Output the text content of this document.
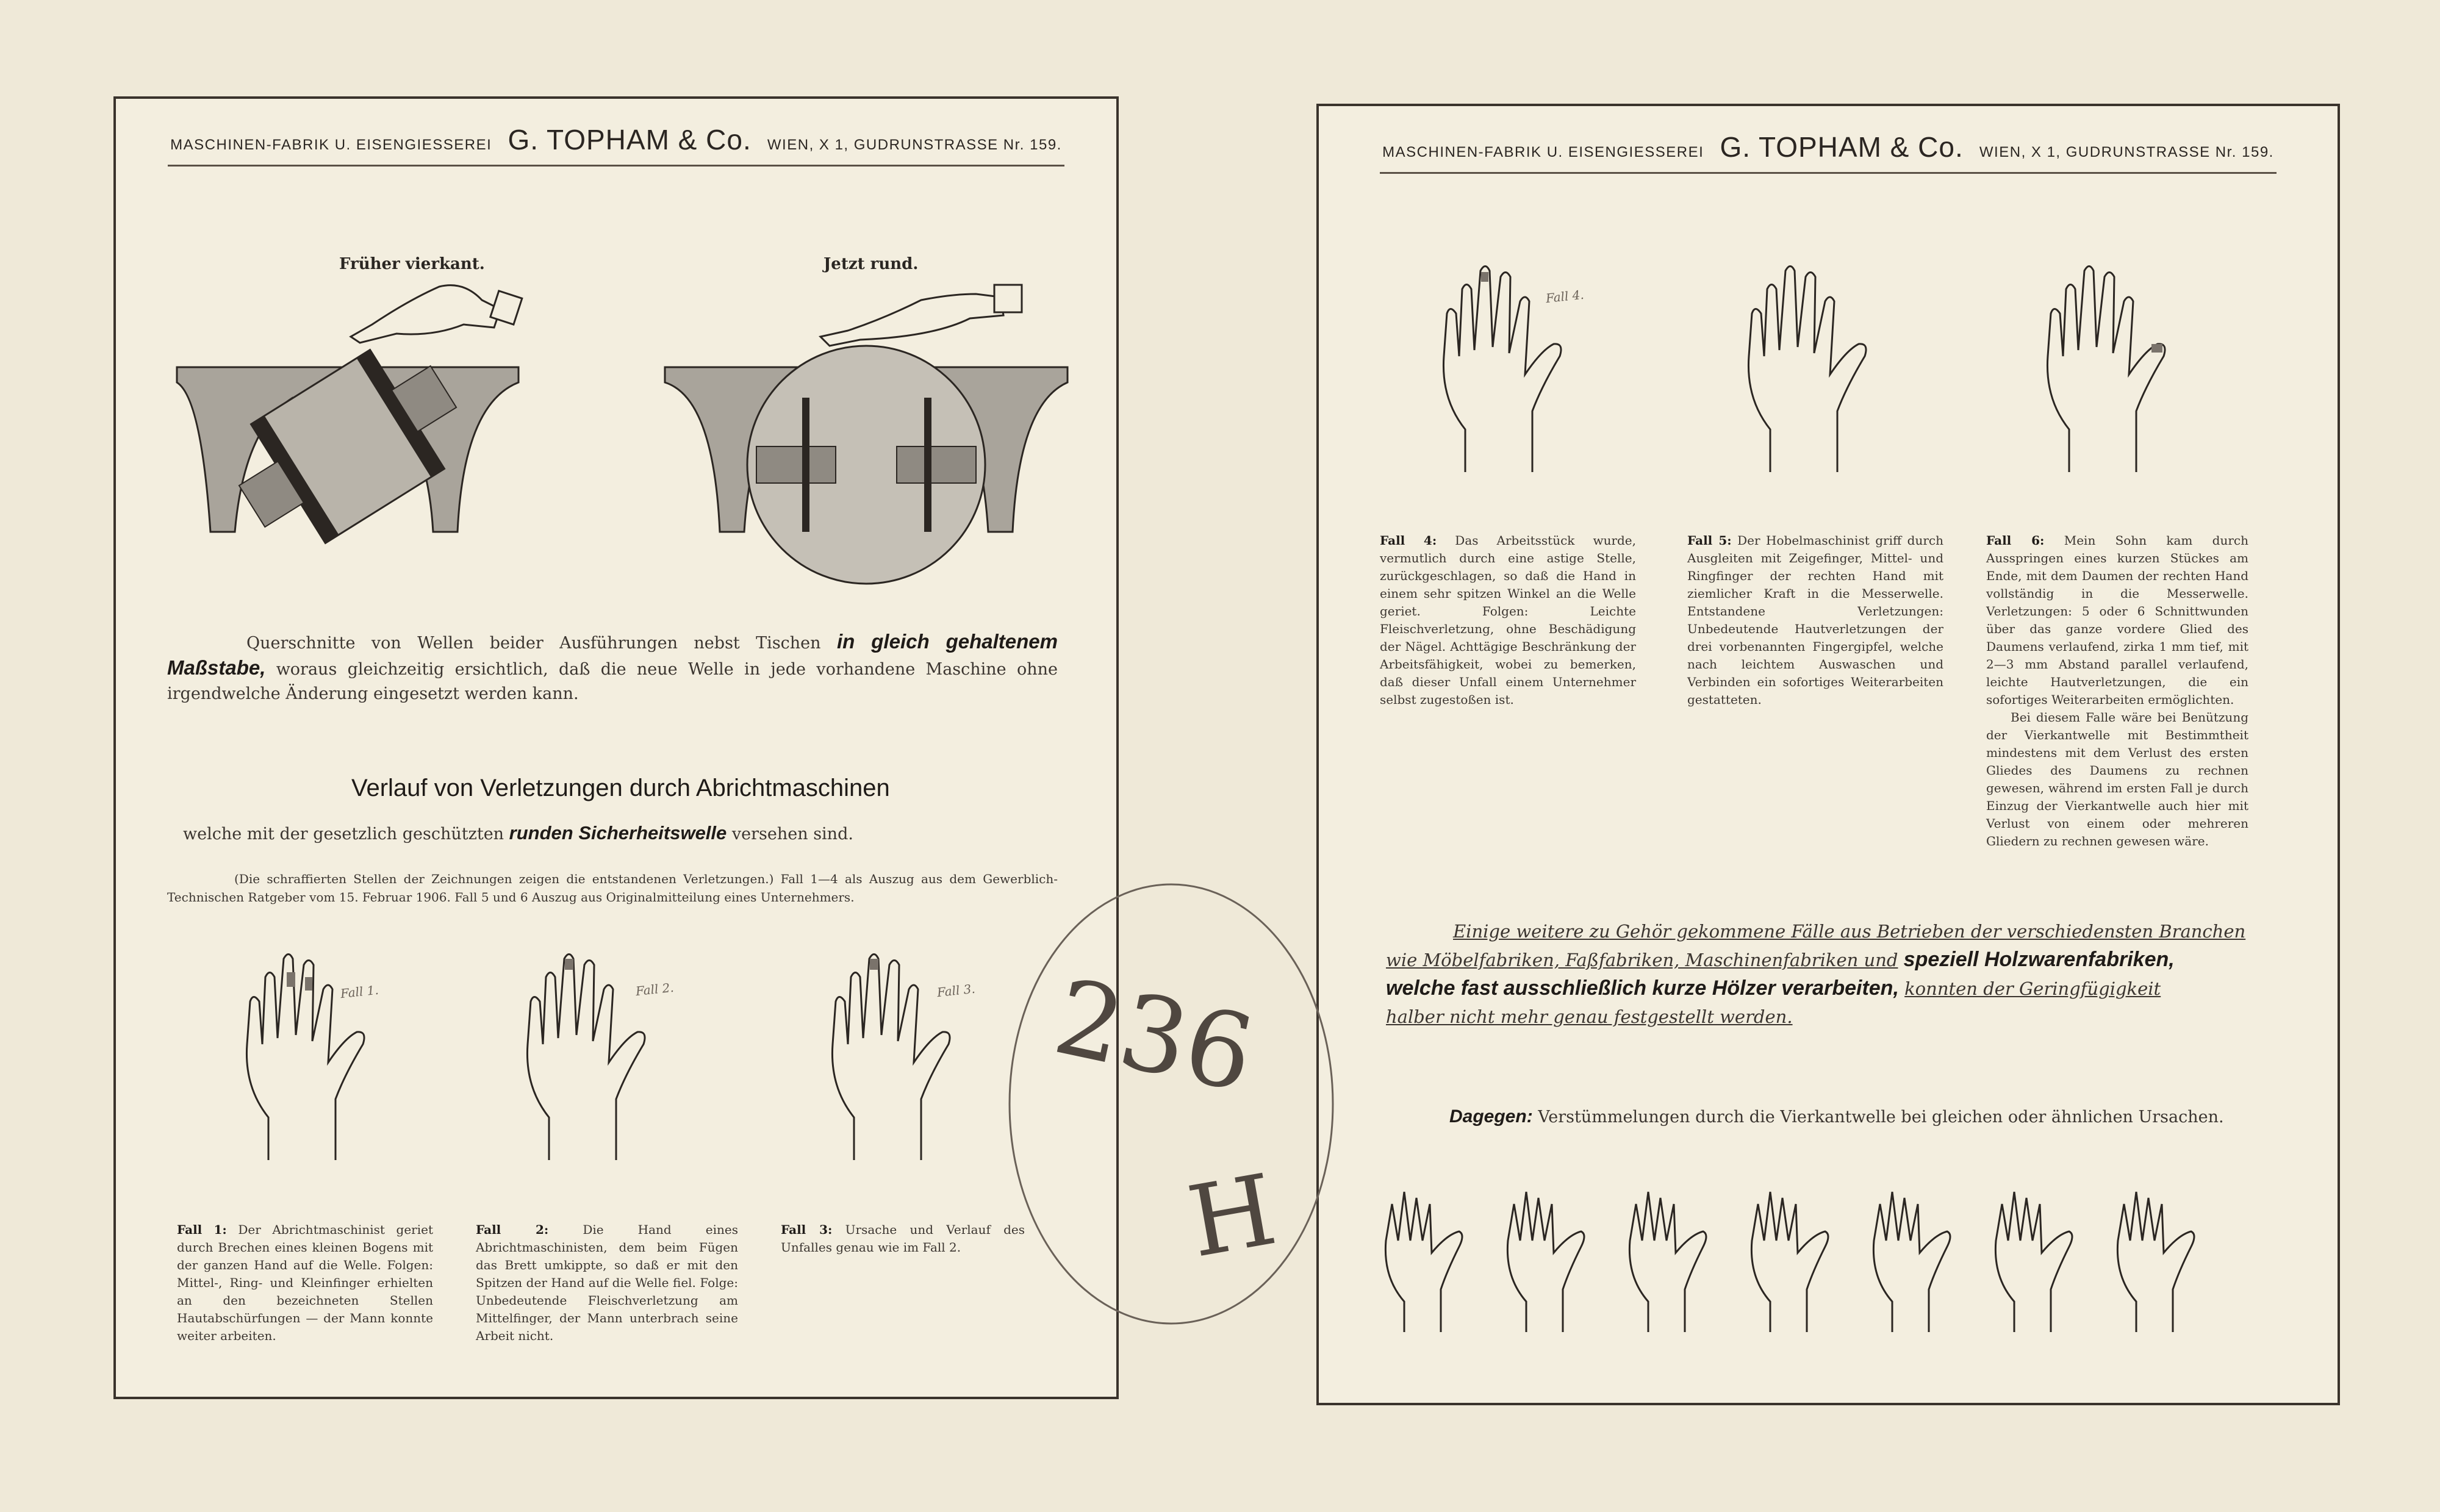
MASCHINEN-FABRIK U. EISENGIESSEREI G. TOPHAM & Co. WIEN, X 1, GUDRUNSTRASSE Nr. 159.
Früher vierkant.	Jetzt rund.
Querschnitte von Wellen beider Ausführungen nebst Tischen in gleich gehaltenem Maßstabe, woraus gleichzeitig ersichtlich, daß die neue Welle in jede vorhandene Maschine ohne irgendwelche Änderung eingesetzt werden kann.
Verlauf von Verletzungen durch Abrichtmaschinen
welche mit der gesetzlich geschützten runden Sicherheitswelle versehen sind.
(Die schraffierten Stellen der Zeichnungen zeigen die entstandenen Verletzungen.) Fall 1—4 als Auszug aus dem Gewerblich-Technischen Ratgeber vom 15. Februar 1906. Fall 5 und 6 Auszug aus Originalmitteilung eines Unternehmers.
Fall 1.	Fall 2.	Fall 3.
Fall 1: Der Abrichtmaschinist geriet durch Brechen eines kleinen Bogens mit der ganzen Hand auf die Welle. Folgen: Mittel-, Ring- und Kleinfinger erhielten an den bezeichneten Stellen Hautabschürfungen — der Mann konnte weiter arbeiten.
Fall 2:	Die Hand eines Abrichtmaschinisten, dem beim Fügen das Brett umkippte, so daß er mit den Spitzen der Hand auf die Welle fiel. Folge: Unbedeutende Fleischverletzung am Mittelfinger, der Mann unterbrach seine Arbeit nicht.
Fall 3: Ursache und Verlauf des Unfalles genau wie im Fall 2.
MASCHINEN-FABRIK U. EISENGIESSEREI G. TOPHAM & Co. WIEN, X 1, GUDRUNSTRASSE Nr. 159.
Fall 4.
Fall 4: Das Arbeitsstück wurde, vermutlich durch eine astige Stelle, zurückgeschlagen, so daß die Hand in einem sehr spitzen Winkel an die Welle geriet. Folgen: Leichte Fleischverletzung, ohne Beschädigung der Nägel. Achttägige Beschränkung der Arbeitsfähigkeit, wobei zu bemerken, daß dieser Unfall einem Unternehmer selbst zugestoßen ist.
Fall 5: Der Hobelmaschinist griff durch Ausgleiten mit Zeigefinger, Mittel- und Ringfinger der rechten Hand mit ziemlicher Kraft in die Messerwelle. Entstandene Verletzungen: Unbedeutende Hautverletzungen der drei vorbenannten Fingergipfel, welche nach leichtem Auswaschen und Verbinden ein sofortiges Weiterarbeiten gestatteten.
Fall 6: Mein Sohn kam durch Ausspringen eines kurzen Stückes am Ende, mit dem Daumen der rechten Hand vollständig in die Messerwelle. Verletzungen: 5 oder 6 Schnittwunden über das ganze vordere Glied des Daumens verlaufend, zirka 1 mm tief, mit 2—3 mm Abstand parallel verlaufend, leichte Hautverletzungen, die ein sofortiges Weiterarbeiten ermöglichten.
Bei diesem Falle wäre bei Benützung der Vierkantwelle mit Bestimmtheit mindestens mit dem Verlust des ersten Gliedes des Daumens zu rechnen gewesen, während im ersten Fall je durch Einzug der Vierkantwelle auch hier mit Verlust von einem oder mehreren Gliedern zu rechnen gewesen wäre.
Einige weitere zu Gehör gekommene Fälle aus Betrieben der verschiedensten Branchen
wie Möbelfabriken, Faßfabriken, Maschinenfabriken und speziell Holzwarenfabriken,
welche fast ausschließlich kurze Hölzer verarbeiten, konnten der Geringfügigkeit
halber nicht mehr genau festgestellt werden.
Dagegen: Verstümmelungen durch die Vierkantwelle bei gleichen oder ähnlichen Ursachen.
236
H
